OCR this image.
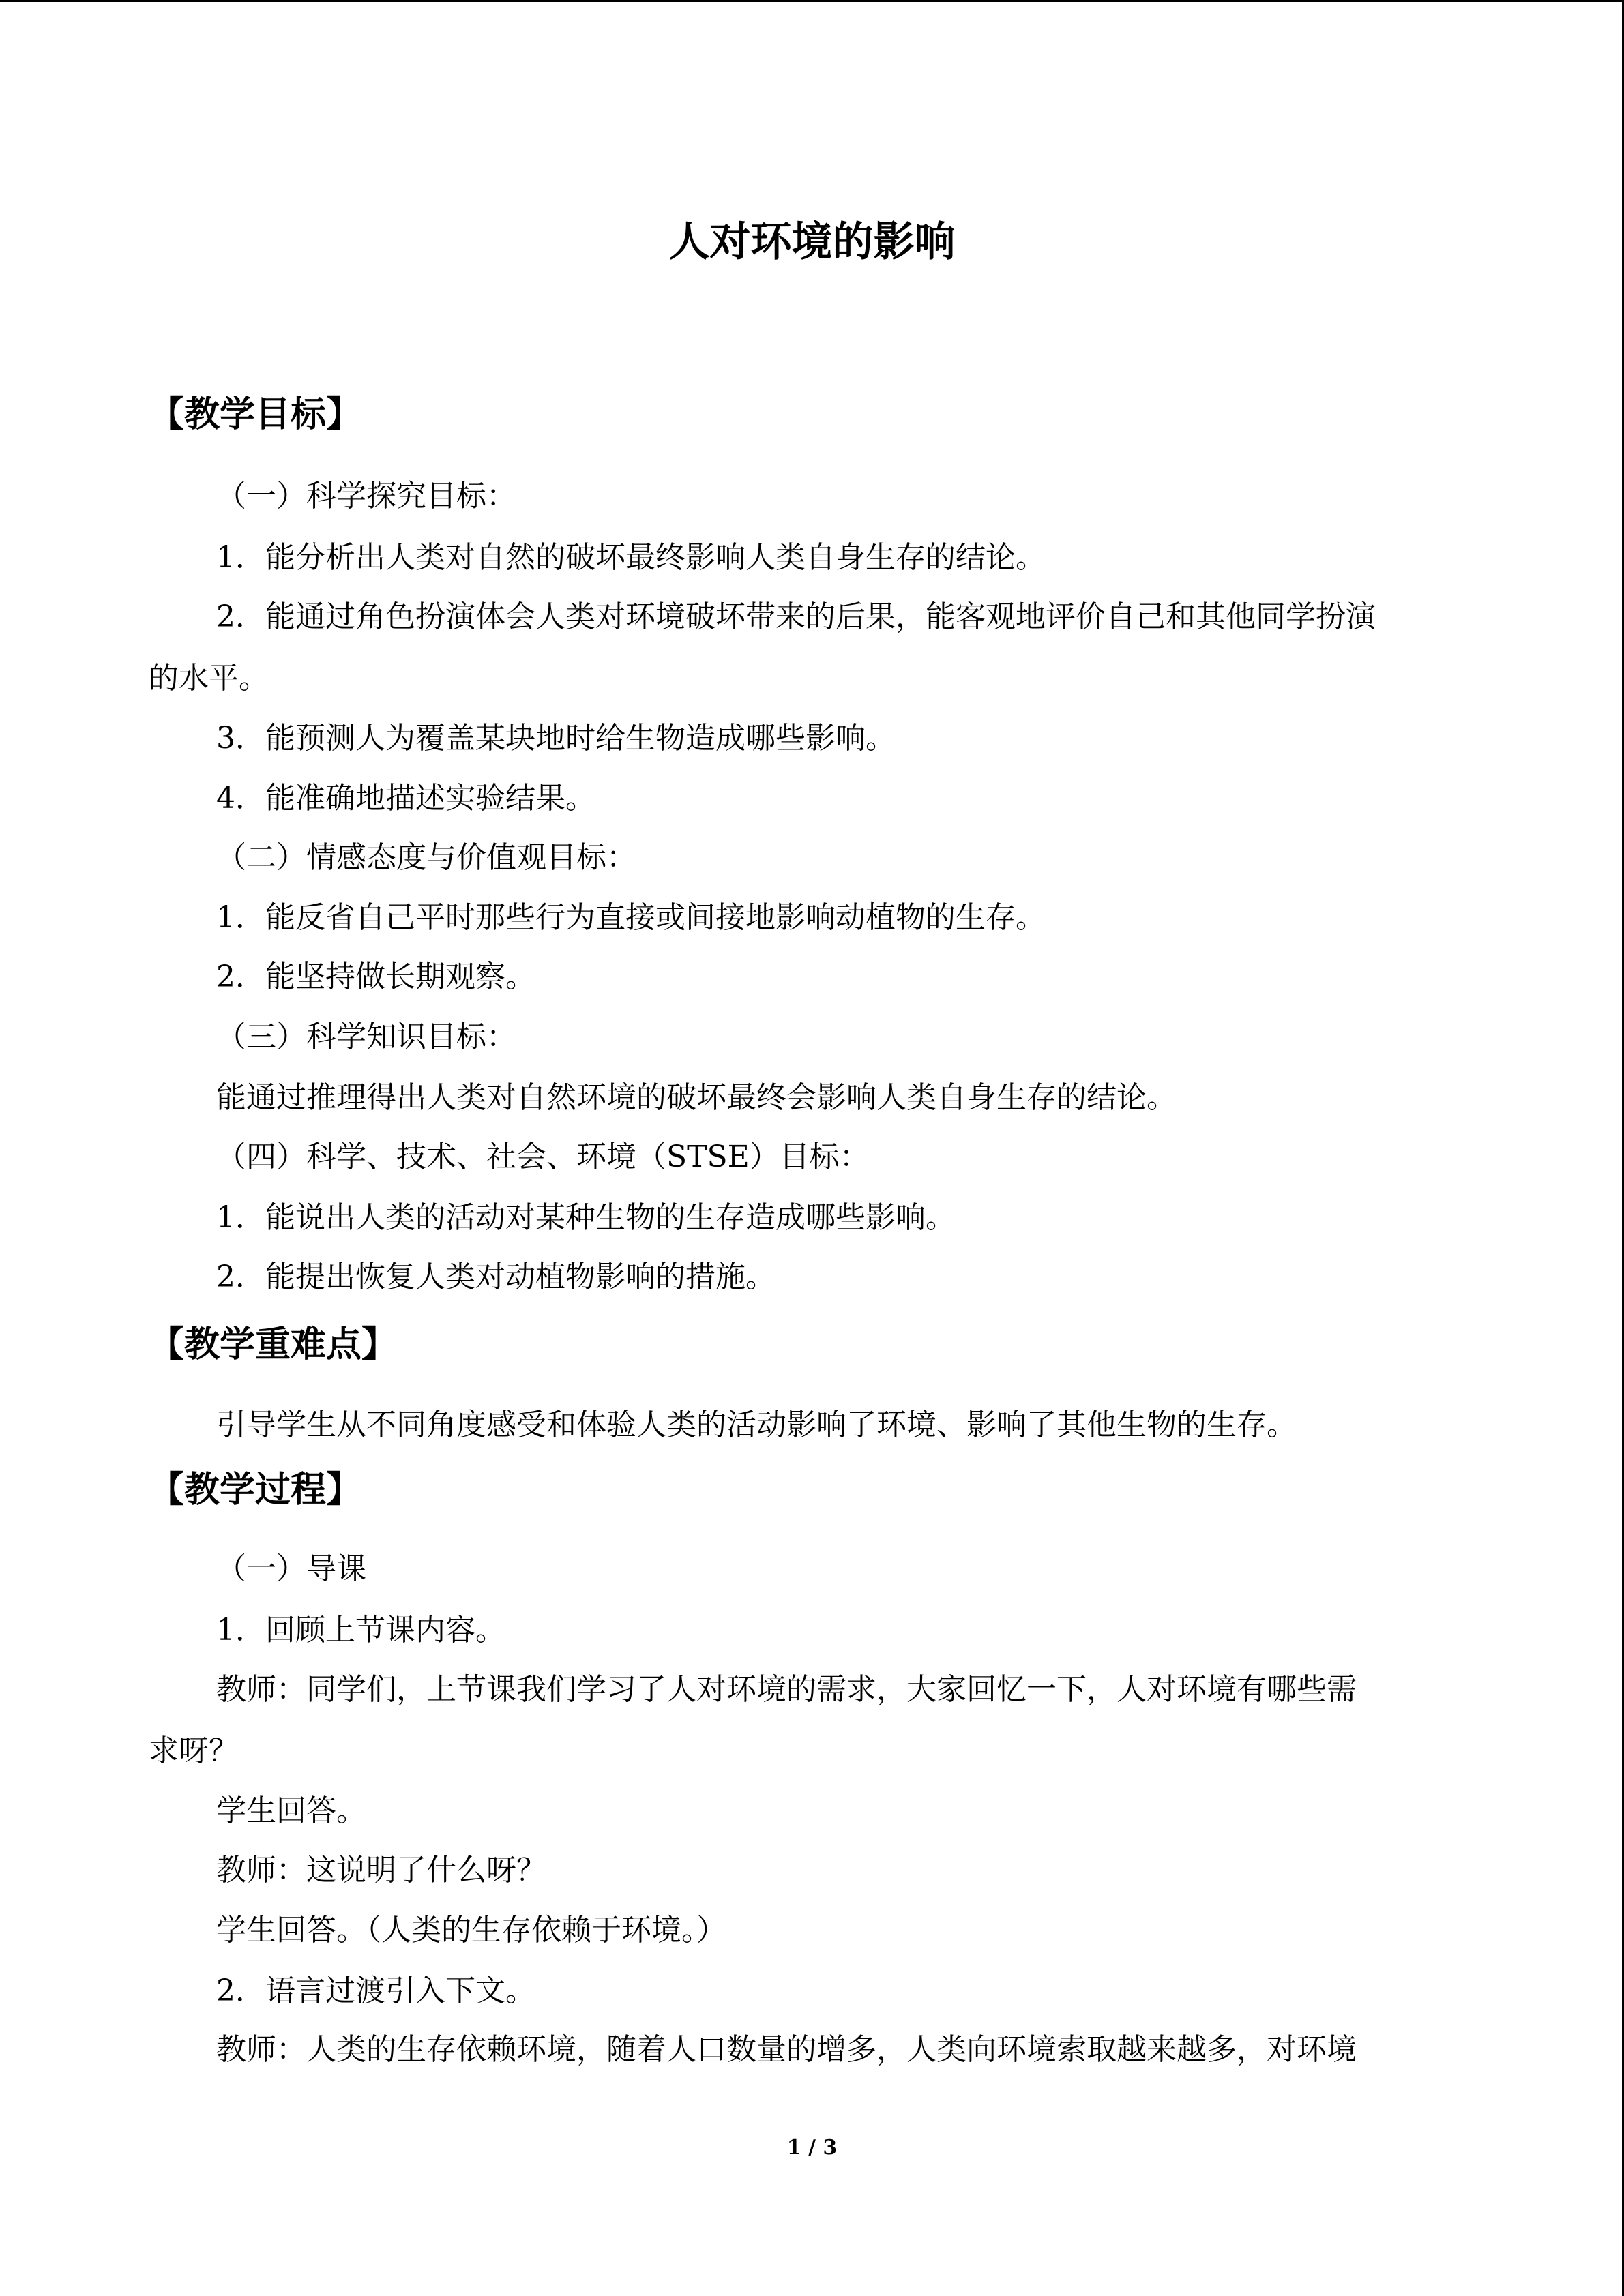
人对环境的影响
【教学目标】
（一）科学探究目标：
1．能分析出人类对自然的破坏最终影响人类自身生存的结论。
2．能通过角色扮演体会人类对环境破坏带来的后果，能客观地评价自己和其他同学扮演
的水平。
3．能预测人为覆盖某块地时给生物造成哪些影响。
4．能准确地描述实验结果。
（二）情感态度与价值观目标：
1．能反省自己平时那些行为直接或间接地影响动植物的生存。
2．能坚持做长期观察。
（三）科学知识目标：
能通过推理得出人类对自然环境的破坏最终会影响人类自身生存的结论。
（四）科学、技术、社会、环境（STSE）目标：
1．能说出人类的活动对某种生物的生存造成哪些影响。
2．能提出恢复人类对动植物影响的措施。
【教学重难点】
引导学生从不同角度感受和体验人类的活动影响了环境、影响了其他生物的生存。
【教学过程】
（一）导课
1．回顾上节课内容。
教师：同学们，上节课我们学习了人对环境的需求，大家回忆一下，人对环境有哪些需
求呀？
学生回答。
教师：这说明了什么呀？
学生回答。（人类的生存依赖于环境。）
2．语言过渡引入下文。
教师：人类的生存依赖环境，随着人口数量的增多，人类向环境索取越来越多，对环境
1 / 3
